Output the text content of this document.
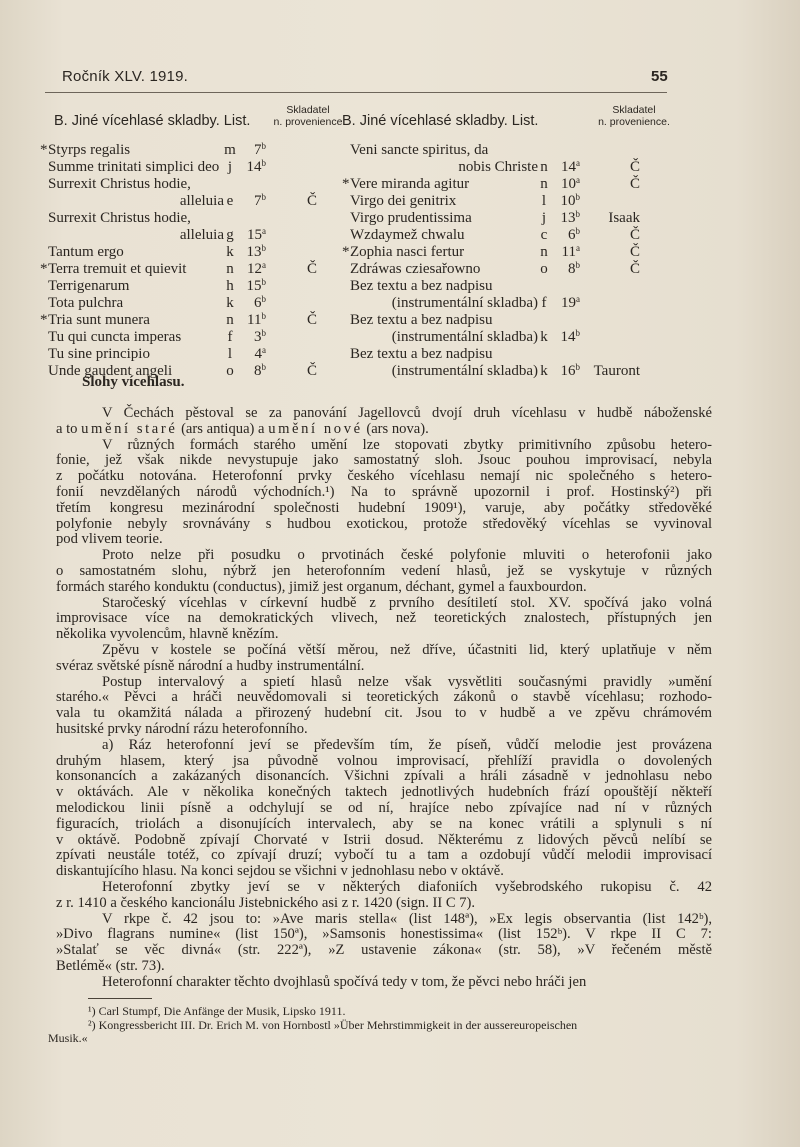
Ročník XLV. 1919.	55
B. Jiné vícehlasé skladby. List.
Skladatel
n. provenience
*Styrps regalis	m	7$^b$
Summe trinitati simplici deo j 14$^b$
Surrexit Christus hodie,
alleluia e	7$^b$	Č
Surrexit Christus hodie,
alleluia g 15$^a$
Tantum ergo	k 13$^b$
*Terra tremuit et quievit	n 12$^a$	Č
Terrigenarum	h 15$^b$
Tota pulchra	k	6$^b$
*Tria sunt munera	n 11$^b$	Č
Tu qui cuncta imperas	f	3$^b$
Tu sine principio	l	4$^a$
Unde gaudent angeli	o	8$^b$	Č
B. Jiné vícehlasé skladby. List.
Skladatel
n. provenience.
Veni sancte spiritus, da
nobis Christe n 14$^a$	Č
*Vere miranda agitur	n 10$^a$	Č
Virgo dei genitrix	l 10$^b$
Virgo prudentissima	j 13$^b$	Isaak
Wzdaymež chwalu	c	6$^b$	Č
*Zophia nasci fertur	n 11$^a$	Č
Zdráwas cziesařowno	o	8$^b$	Č
Bez textu a bez nadpisu
(instrumentální skladba) f 19$^a$
Bez textu a bez nadpisu
(instrumentální skladba) k 14$^b$
Bez textu a bez nadpisu
(instrumentální skladba) k 16$^b$ Tauront
Slohy vícehlasu.
V Čechách pěstoval se za panování Jagellovců dvojí druh vícehlasu v hudbě náboženské
a to umění staré (ars antiqua) a umění nové (ars nova).
V různých formách starého umění lze stopovati zbytky primitivního způsobu hetero-
fonie, jež však nikde nevystupuje jako samostatný sloh. Jsouc pouhou improvisací, nebyla
z počátku notována. Heterofonní prvky českého vícehlasu nemají nic společného s hetero-
fonií nevzdělaných národů východních.¹) Na to správně upozornil i prof. Hostinský²) při
třetím kongresu mezinárodní společnosti hudební 1909¹), varuje, aby počátky středověké
polyfonie nebyly srovnávány s hudbou exotickou, protože středověký vícehlas se vyvinoval
pod vlivem teorie.
Proto nelze při posudku o prvotinách české polyfonie mluviti o heterofonii jako
o samostatném slohu, nýbrž jen heterofonním vedení hlasů, jež se vyskytuje v různých
formách starého konduktu (conductus), jimiž jest organum, déchant, gymel a fauxbourdon.
Staročeský vícehlas v církevní hudbě z prvního desítiletí stol. XV. spočívá jako volná
improvisace více na demokratických vlivech, než teoretických znalostech, přístupných jen
několika vyvolencům, hlavně knězím.
Zpěvu v kostele se počíná větší měrou, než dříve, účastniti lid, který uplatňuje v něm
svéraz světské písně národní a hudby instrumentální.
Postup intervalový a spietí hlasů nelze však vysvětliti současnými pravidly »umění
starého.« Pěvci a hráči neuvědomovali si teoretických zákonů o stavbě vícehlasu; rozhodo-
vala tu okamžitá nálada a přirozený hudební cit. Jsou to v hudbě a ve zpěvu chrámovém
husitské prvky národní rázu heterofonního.
a) Ráz heterofonní jeví se především tím, že píseň, vůdčí melodie jest provázena
druhým hlasem, který jsa původně volnou improvisací, přehlíží pravidla o dovolených
konsonancích a zakázaných disonancích. Všichni zpívali a hráli zásadně v jednohlasu nebo
v oktávách. Ale v několika konečných taktech jednotlivých hudebních frází opouštějí někteří
melodickou linii písně a odchylují se od ní, hrajíce nebo zpívajíce nad ní v různých
figuracích, triolách a disonujících intervalech, aby se na konec vrátili a splynuli s ní
v oktávě. Podobně zpívají Chorvaté v Istrii dosud. Některému z lidových pěvců nelíbí se
zpívati neustále totéž, co zpívají druzí; vybočí tu a tam a ozdobují vůdčí melodii improvisací
diskantujícího hlasu. Na konci sejdou se všichni v jednohlasu nebo v oktávě.
Heterofonní zbytky jeví se v některých diafoniích vyšebrodského rukopisu č. 42
z r. 1410 a českého kancionálu Jistebnického asi z r. 1420 (sign. II C 7).
V rkpe č. 42 jsou to: »Ave maris stella« (list 148ª), »Ex legis observantia (list 142ᵇ),
»Divo flagrans numine« (list 150ª), »Samsonis honestissima« (list 152ᵇ). V rkpe II C 7:
»Stalať se věc divná« (str. 222ª), »Z ustavenie zákona« (str. 58), »V řečeném městě
Betlémě« (str. 73).
Heterofonní charakter těchto dvojhlasů spočívá tedy v tom, že pěvci nebo hráči jen
¹) Carl Stumpf, Die Anfänge der Musik, Lipsko 1911.
²) Kongressbericht III. Dr. Erich M. von Hornbostl »Über Mehrstimmigkeit in der aussereuropeischen
Musik.«
